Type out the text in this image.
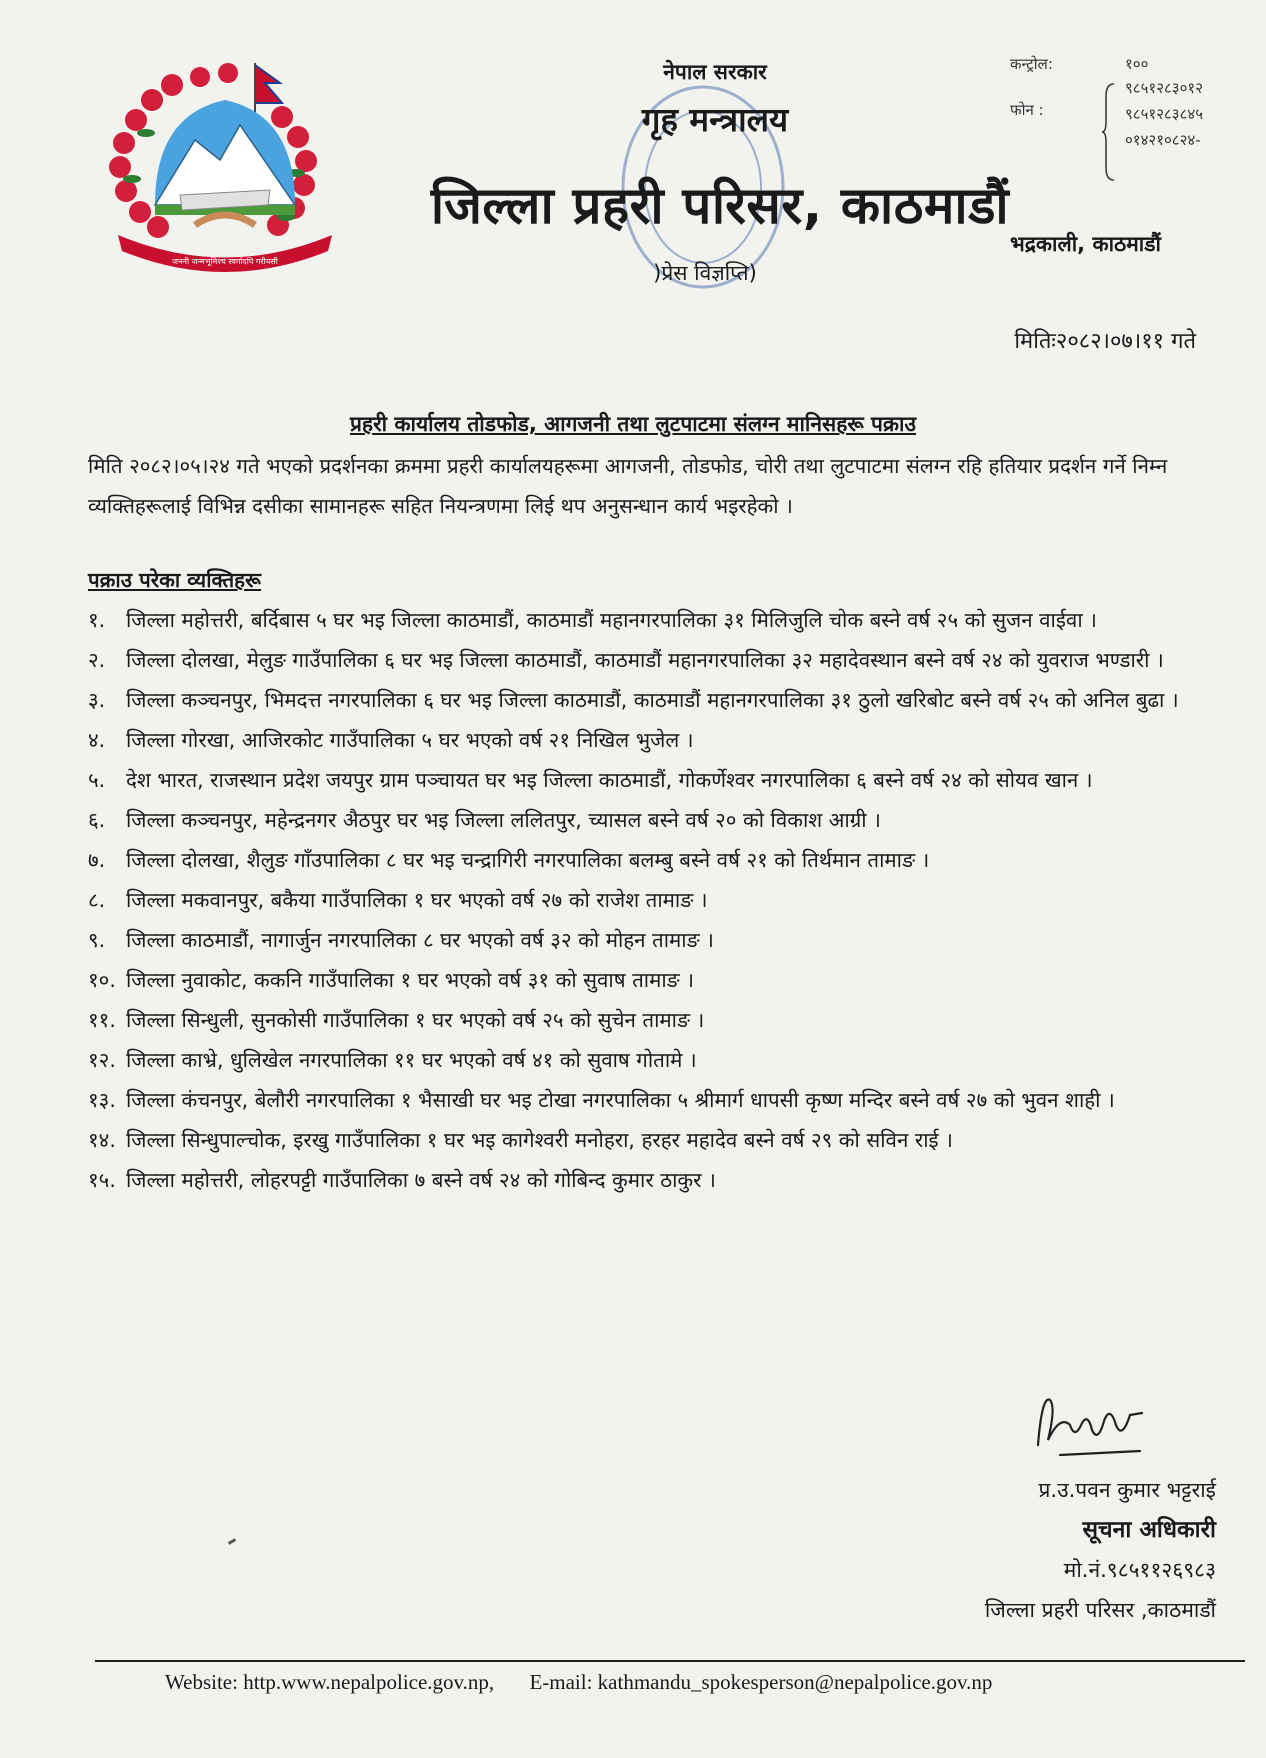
जननी जन्मभूमिश्च स्वर्गादपि गरीयसी
नेपाल सरकार
गृह मन्त्रालय
जिल्ला प्रहरी परिसर, काठमाडौं
)प्रेस विज्ञप्ति)
कन्ट्रोल:	१००
फोन :
९८५१२८३०१२
९८५१२८३८४५
०१४२१०८२४-
भद्रकाली, काठमाडौं
मितिः२०८२।०७।११ गते
प्रहरी कार्यालय तोडफोड, आगजनी तथा लुटपाटमा संलग्न मानिसहरू पक्राउ

मिति २०८२।०५।२४ गते भएको प्रदर्शनका क्रममा प्रहरी कार्यालयहरूमा आगजनी, तोडफोड, चोरी तथा लुटपाटमा संलग्न रहि हतियार प्रदर्शन गर्ने निम्न व्यक्तिहरूलाई विभिन्न दसीका सामानहरू सहित नियन्त्रणमा लिई थप अनुसन्धान कार्य भइरहेको ।

पक्राउ परेका व्यक्तिहरू
१.	जिल्ला महोत्तरी, बर्दिबास ५ घर भइ जिल्ला काठमाडौं, काठमाडौं महानगरपालिका ३१ मिलिजुलि चोक बस्ने वर्ष २५ को सुजन वाईवा ।
२.	जिल्ला दोलखा, मेलुङ गाउँपालिका ६ घर भइ जिल्ला काठमाडौं, काठमाडौं महानगरपालिका ३२ महादेवस्थान बस्ने वर्ष २४ को युवराज भण्डारी ।
३.	जिल्ला कञ्चनपुर, भिमदत्त नगरपालिका ६ घर भइ जिल्ला काठमाडौं, काठमाडौं महानगरपालिका ३१ ठुलो खरिबोट बस्ने वर्ष २५ को अनिल बुढा ।
४.	जिल्ला गोरखा, आजिरकोट गाउँपालिका ५ घर भएको वर्ष २१ निखिल भुजेल ।
५.	देश भारत, राजस्थान प्रदेश जयपुर ग्राम पञ्चायत घर भइ जिल्ला काठमाडौं, गोकर्णेश्वर नगरपालिका ६ बस्ने वर्ष २४ को सोयव खान ।
६.	जिल्ला कञ्चनपुर, महेन्द्रनगर अैठपुर घर भइ जिल्ला ललितपुर, च्यासल बस्ने वर्ष २० को विकाश आग्री ।
७.	जिल्ला दोलखा, शैलुङ गाँउपालिका ८ घर भइ चन्द्रागिरी नगरपालिका बलम्बु बस्ने वर्ष २१ को तिर्थमान तामाङ ।
८.	जिल्ला मकवानपुर, बकैया गाउँपालिका १ घर भएको वर्ष २७ को राजेश तामाङ ।
९.	जिल्ला काठमाडौं, नागार्जुन नगरपालिका ८ घर भएको वर्ष ३२ को मोहन तामाङ ।
१०. जिल्ला नुवाकोट, ककनि गाउँपालिका १ घर भएको वर्ष ३१ को सुवाष तामाङ ।
११. जिल्ला सिन्धुली, सुनकोसी गाउँपालिका १ घर भएको वर्ष २५ को सुचेन तामाङ ।
१२. जिल्ला काभ्रे, धुलिखेल नगरपालिका ११ घर भएको वर्ष ४१ को सुवाष गोतामे ।
१३. जिल्ला कंचनपुर, बेलौरी नगरपालिका १ भैसाखी घर भइ टोखा नगरपालिका ५ श्रीमार्ग धापसी कृष्ण मन्दिर बस्ने वर्ष २७ को भुवन शाही ।
१४. जिल्ला सिन्धुपाल्चोक, इरखु गाउँपालिका १ घर भइ कागेश्वरी मनोहरा, हरहर महादेव बस्ने वर्ष २९ को सविन राई ।
१५. जिल्ला महोत्तरी, लोहरपट्टी गाउँपालिका ७ बस्ने वर्ष २४ को गोबिन्द कुमार ठाकुर ।
प्र.उ.पवन कुमार भट्टराई
सूचना अधिकारी
मो.नं.९८५११२६९८३
जिल्ला प्रहरी परिसर ,काठमाडौं
Website: http.www.nepalpolice.gov.np, E-mail: kathmandu_spokesperson@nepalpolice.gov.np
